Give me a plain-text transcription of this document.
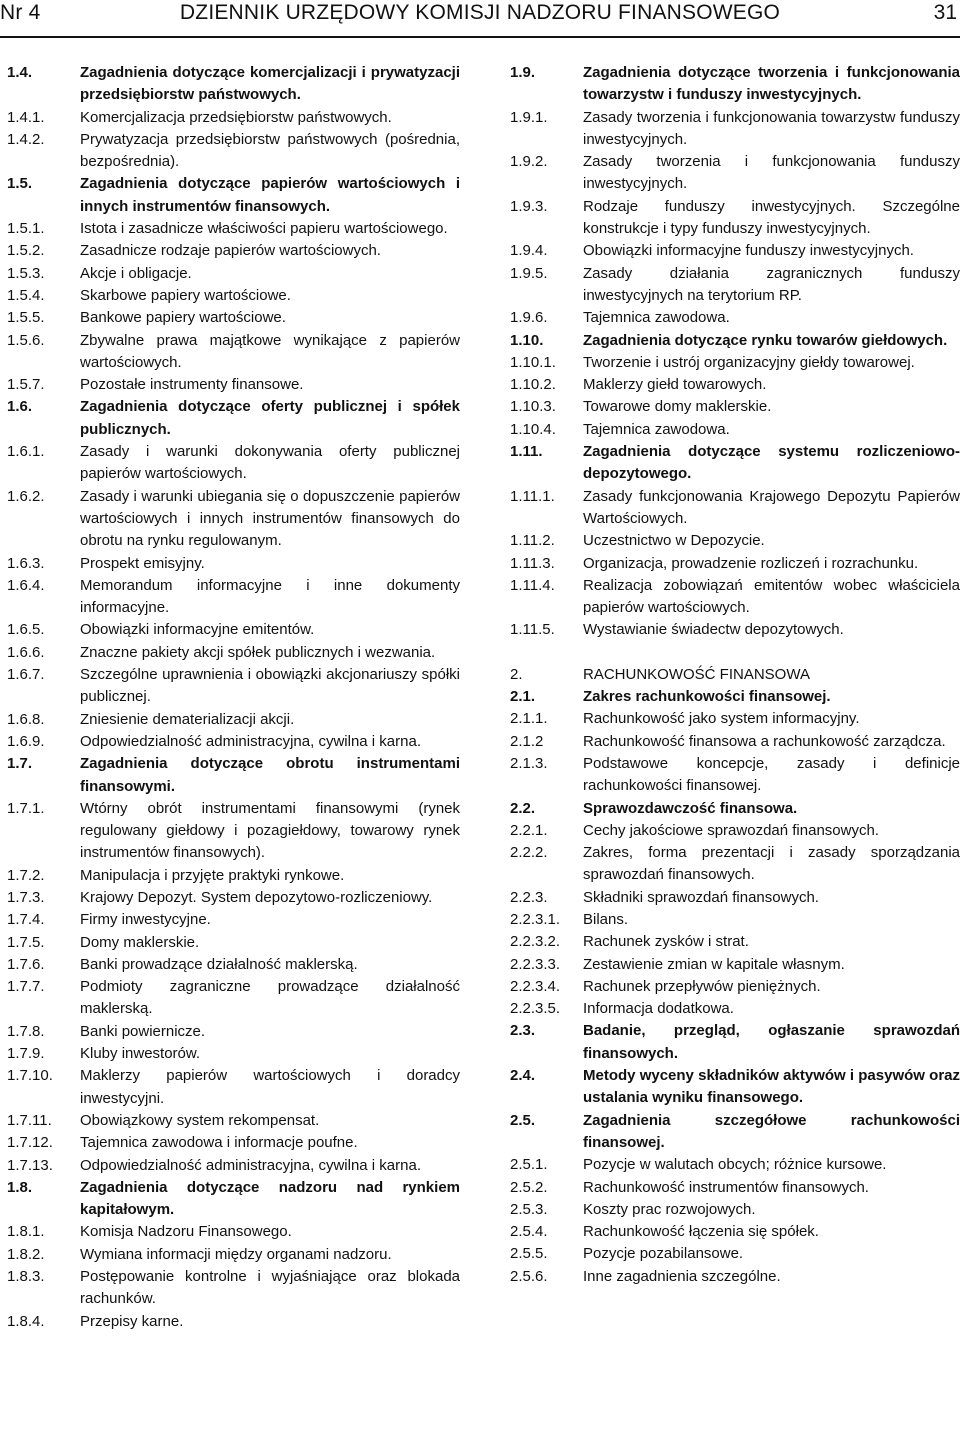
Nr 4	DZIENNIK URZĘDOWY KOMISJI NADZORU FINANSOWEGO	31
1.4.	Zagadnienia dotyczące komercjalizacji i prywatyzacji przedsiębiorstw państwowych.
1.4.1. Komercjalizacja przedsiębiorstw państwowych.
1.4.2. Prywatyzacja przedsiębiorstw państwowych (pośrednia, bezpośrednia).
1.5.	Zagadnienia dotyczące papierów wartościowych i innych instrumentów finansowych.
1.5.1. Istota i zasadnicze właściwości papieru wartościowego.
1.5.2. Zasadnicze rodzaje papierów wartościowych.
1.5.3. Akcje i obligacje.
1.5.4. Skarbowe papiery wartościowe.
1.5.5. Bankowe papiery wartościowe.
1.5.6. Zbywalne prawa majątkowe wynikające z papierów wartościowych.
1.5.7. Pozostałe instrumenty finansowe.
1.6.	Zagadnienia dotyczące oferty publicznej i spółek publicznych.
1.6.1. Zasady i warunki dokonywania oferty publicznej papierów wartościowych.
1.6.2. Zasady i warunki ubiegania się o dopuszczenie papierów wartościowych i innych instrumentów finansowych do obrotu na rynku regulowanym.
1.6.3. Prospekt emisyjny.
1.6.4. Memorandum informacyjne i inne dokumenty informacyjne.
1.6.5. Obowiązki informacyjne emitentów.
1.6.6. Znaczne pakiety akcji spółek publicznych i wezwania.
1.6.7. Szczególne uprawnienia i obowiązki akcjonariuszy spółki publicznej.
1.6.8. Zniesienie dematerializacji akcji.
1.6.9. Odpowiedzialność administracyjna, cywilna i karna.
1.7.	Zagadnienia dotyczące obrotu instrumentami finansowymi.
1.7.1. Wtórny obrót instrumentami finansowymi (rynek regulowany giełdowy i pozagiełdowy, towarowy rynek instrumentów finansowych).
1.7.2. Manipulacja i przyjęte praktyki rynkowe.
1.7.3. Krajowy Depozyt. System depozytowo-rozliczeniowy.
1.7.4. Firmy inwestycyjne.
1.7.5. Domy maklerskie.
1.7.6. Banki prowadzące działalność maklerską.
1.7.7. Podmioty zagraniczne prowadzące działalność maklerską.
1.7.8. Banki powiernicze.
1.7.9. Kluby inwestorów.
1.7.10. Maklerzy papierów wartościowych i doradcy inwestycyjni.
1.7.11. Obowiązkowy system rekompensat.
1.7.12. Tajemnica zawodowa i informacje poufne.
1.7.13. Odpowiedzialność administracyjna, cywilna i karna.
1.8.	Zagadnienia dotyczące nadzoru nad rynkiem kapitałowym.
1.8.1. Komisja Nadzoru Finansowego.
1.8.2. Wymiana informacji między organami nadzoru.
1.8.3. Postępowanie kontrolne i wyjaśniające oraz blokada rachunków.
1.8.4. Przepisy karne.
1.9.	Zagadnienia dotyczące tworzenia i funkcjonowania towarzystw i funduszy inwestycyjnych.
1.9.1. Zasady tworzenia i funkcjonowania towarzystw funduszy inwestycyjnych.
1.9.2. Zasady tworzenia i funkcjonowania funduszy inwestycyjnych.
1.9.3. Rodzaje funduszy inwestycyjnych. Szczególne konstrukcje i typy funduszy inwestycyjnych.
1.9.4. Obowiązki informacyjne funduszy inwestycyjnych.
1.9.5. Zasady działania zagranicznych funduszy inwestycyjnych na terytorium RP.
1.9.6. Tajemnica zawodowa.
1.10.	Zagadnienia dotyczące rynku towarów giełdowych.
1.10.1. Tworzenie i ustrój organizacyjny giełdy towarowej.
1.10.2. Maklerzy giełd towarowych.
1.10.3. Towarowe domy maklerskie.
1.10.4. Tajemnica zawodowa.
1.11.	Zagadnienia dotyczące systemu rozliczeniowo-depozytowego.
1.11.1. Zasady funkcjonowania Krajowego Depozytu Papierów Wartościowych.
1.11.2. Uczestnictwo w Depozycie.
1.11.3. Organizacja, prowadzenie rozliczeń i rozrachunku.
1.11.4. Realizacja zobowiązań emitentów wobec właściciela papierów wartościowych.
1.11.5. Wystawianie świadectw depozytowych.
2.	RACHUNKOWOŚĆ FINANSOWA
2.1.	Zakres rachunkowości finansowej.
2.1.1. Rachunkowość jako system informacyjny.
2.1.2	Rachunkowość finansowa a rachunkowość zarządcza.
2.1.3. Podstawowe koncepcje, zasady i definicje rachunkowości finansowej.
2.2.	Sprawozdawczość finansowa.
2.2.1. Cechy jakościowe sprawozdań finansowych.
2.2.2. Zakres, forma prezentacji i zasady sporządzania sprawozdań finansowych.
2.2.3. Składniki sprawozdań finansowych.
2.2.3.1. Bilans.
2.2.3.2. Rachunek zysków i strat.
2.2.3.3. Zestawienie zmian w kapitale własnym.
2.2.3.4. Rachunek przepływów pieniężnych.
2.2.3.5. Informacja dodatkowa.
2.3.	Badanie, przegląd, ogłaszanie sprawozdań finansowych.
2.4.	Metody wyceny składników aktywów i pasywów oraz ustalania wyniku finansowego.
2.5.	Zagadnienia szczegółowe rachunkowości finansowej.
2.5.1. Pozycje w walutach obcych; różnice kursowe.
2.5.2. Rachunkowość instrumentów finansowych.
2.5.3. Koszty prac rozwojowych.
2.5.4. Rachunkowość łączenia się spółek.
2.5.5. Pozycje pozabilansowe.
2.5.6. Inne zagadnienia szczególne.
